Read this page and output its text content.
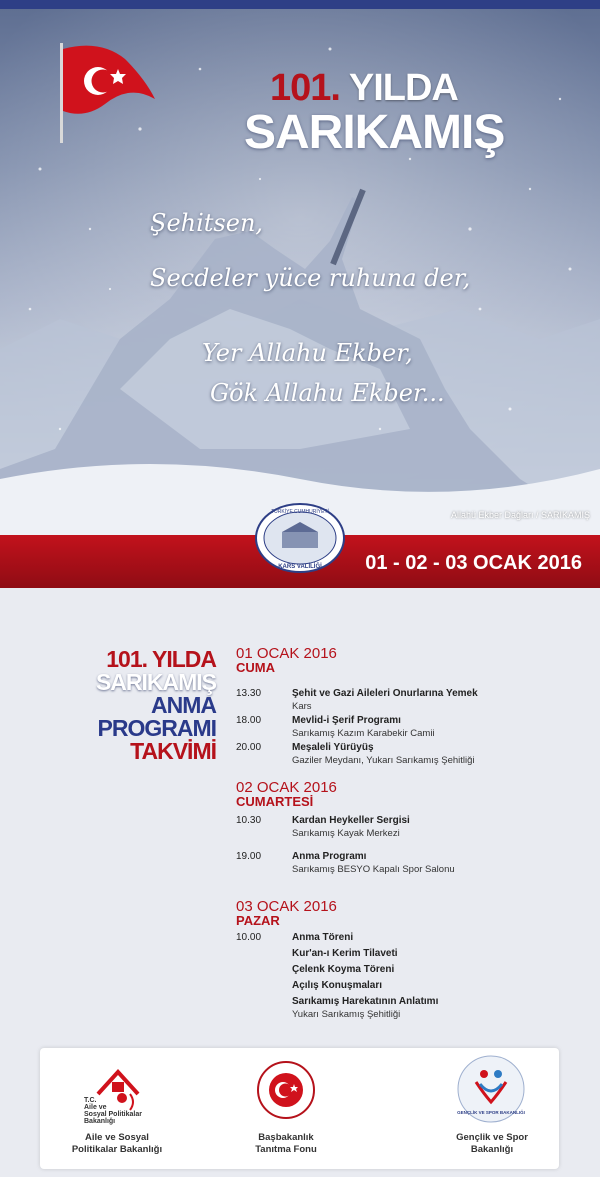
101. YILDA
SARIKAMIŞ
Şehitsen,
Secdeler yüce ruhuna der,
Yer Allahu Ekber,
Gök Allahu Ekber...
Allahü Ekber Dağları / SARIKAMIŞ
01 - 02 - 03 OCAK 2016
TÜRKİYE CUMHURİYETİ
KARS VALİLİĞİ
101. YILDA
SARIKAMIŞ
ANMA
PROGRAMI
TAKVİMİ
01 OCAK 2016
CUMA
13.30	Şehit ve Gazi Aileleri Onurlarına Yemek
Kars
18.00	Mevlid-i Şerif Programı
Sarıkamış Kazım Karabekir Camii
20.00	Meşaleli Yürüyüş
Gaziler Meydanı, Yukarı Sarıkamış Şehitliği
02 OCAK 2016
CUMARTESİ
10.30	Kardan Heykeller Sergisi
Sarıkamış Kayak Merkezi
19.00	Anma Programı
Sarıkamış BESYO Kapalı Spor Salonu
03 OCAK 2016
PAZAR
10.00	Anma Töreni
Kur'an-ı Kerim Tilaveti
Çelenk Koyma Töreni
Açılış Konuşmaları
Sarıkamış Harekatının Anlatımı
Yukarı Sarıkamış Şehitliği
T.C.
Aile ve
Sosyal Politikalar
Bakanlığı
Aile ve Sosyal
Politikalar Bakanlığı
Başbakanlık
Tanıtma Fonu
GENÇLİK VE SPOR BAKANLIĞI
Gençlik ve Spor
Bakanlığı
